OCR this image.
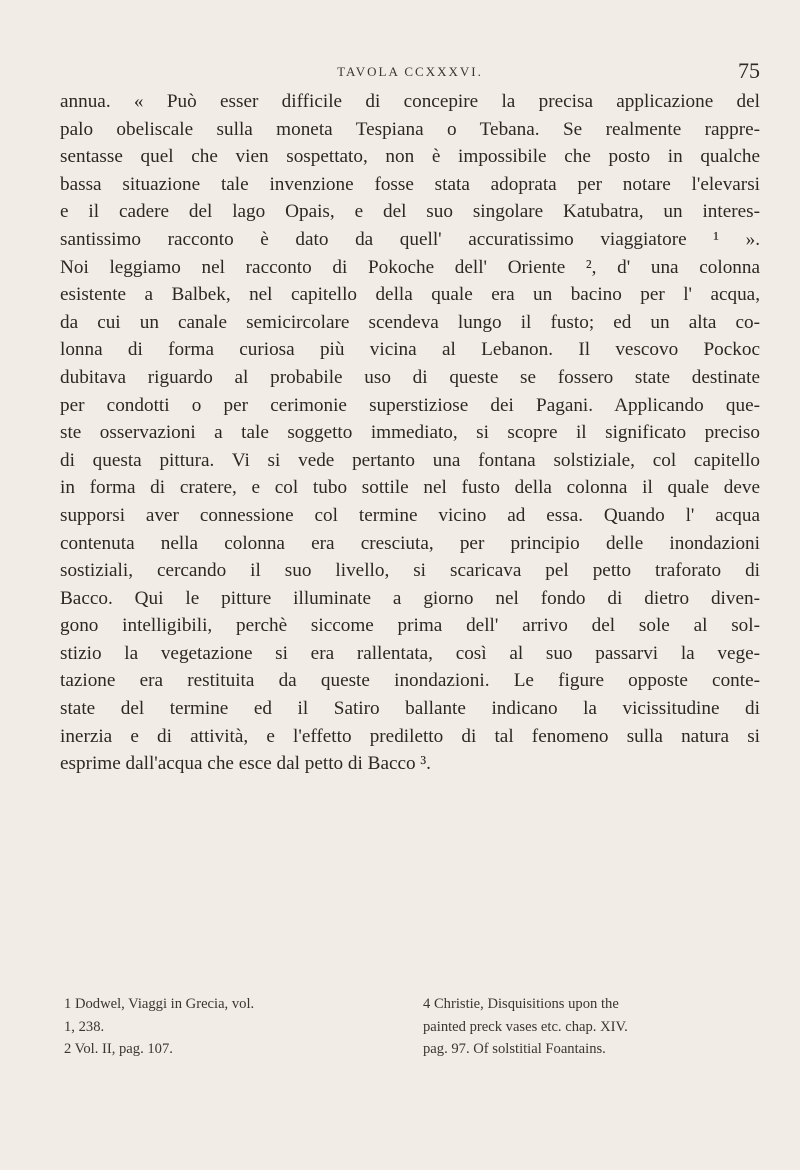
TAVOLA CCXXXVI.	75
annua. « Può esser difficile di concepire la precisa applicazione del
palo obeliscale sulla moneta Tespiana o Tebana. Se realmente rappre-
sentasse quel che vien sospettato, non è impossibile che posto in qualche
bassa situazione tale invenzione fosse stata adoprata per notare l'elevarsi
e il cadere del lago Opais, e del suo singolare Katubatra, un interes-
santissimo racconto è dato da quell' accuratissimo viaggiatore ¹ ».
Noi leggiamo nel racconto di Pokoche dell' Oriente ², d' una colonna
esistente a Balbek, nel capitello della quale era un bacino per l' acqua,
da cui un canale semicircolare scendeva lungo il fusto; ed un alta co-
lonna di forma curiosa più vicina al Lebanon. Il vescovo Pockoc
dubitava riguardo al probabile uso di queste se fossero state destinate
per condotti o per cerimonie superstiziose dei Pagani. Applicando que-
ste osservazioni a tale soggetto immediato, si scopre il significato preciso
di questa pittura. Vi si vede pertanto una fontana solstiziale, col capitello
in forma di cratere, e col tubo sottile nel fusto della colonna il quale deve
supporsi aver connessione col termine vicino ad essa. Quando l' acqua
contenuta nella colonna era cresciuta, per principio delle inondazioni
sostiziali, cercando il suo livello, si scaricava pel petto traforato di
Bacco. Qui le pitture illuminate a giorno nel fondo di dietro diven-
gono intelligibili, perchè siccome prima dell' arrivo del sole al sol-
stizio la vegetazione si era rallentata, così al suo passarvi la vege-
tazione era restituita da queste inondazioni. Le figure opposte conte-
state del termine ed il Satiro ballante indicano la vicissitudine di
inerzia e di attività, e l'effetto prediletto di tal fenomeno sulla natura si
esprime dall'acqua che esce dal petto di Bacco ³.
1 Dodwel, Viaggi in Grecia, vol.
1, 238.
2 Vol. II, pag. 107.
4 Christie, Disquisitions upon the
painted preck vases etc. chap. XIV.
pag. 97. Of solstitial Foantains.
